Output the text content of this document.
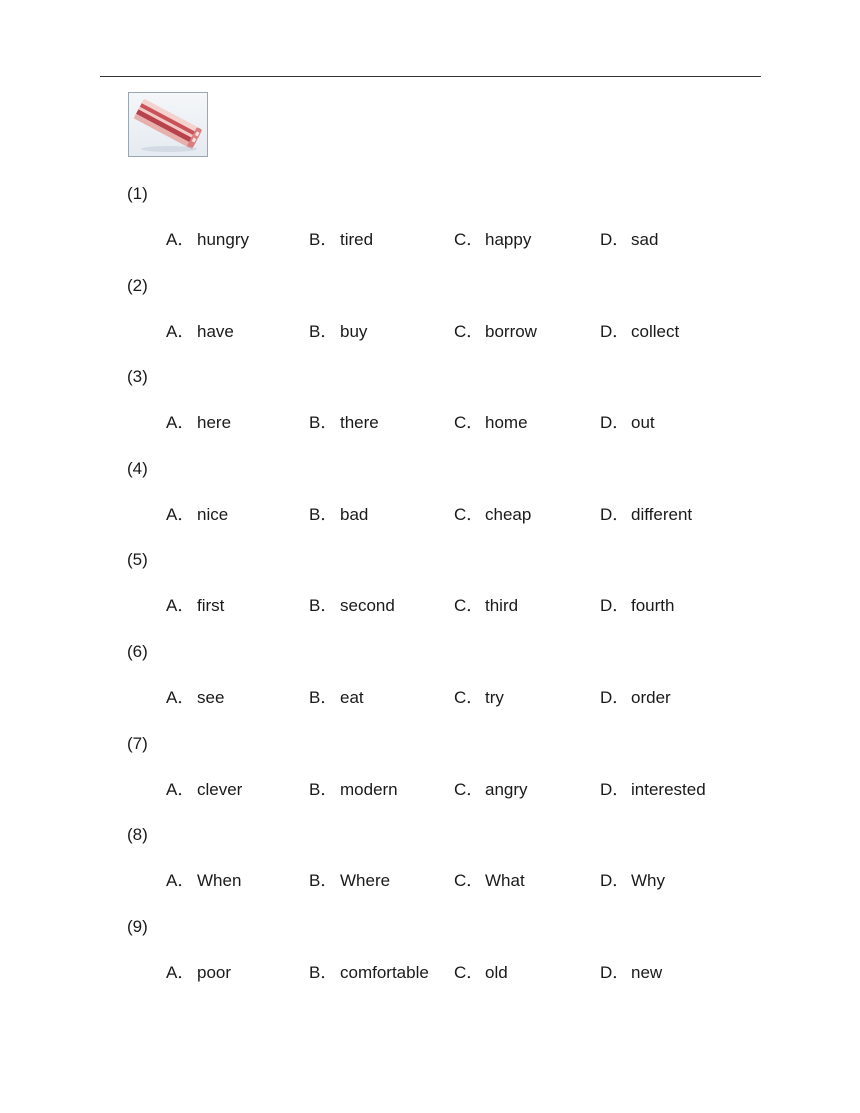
(1)
A． hungry	B． tired	C． happy	D． sad
(2)
A． have	B． buy	C． borrow	D． collect
(3)
A． here	B． there	C． home	D． out
(4)
A． nice	B． bad	C． cheap	D． different
(5)
A． first	B． second	C． third	D． fourth
(6)
A． see	B． eat	C． try	D． order
(7)
A． clever	B． modern	C． angry	D． interested
(8)
A． When	B． Where	C． What	D． Why
(9)
A． poor	B． comfortable C． old	D． new
